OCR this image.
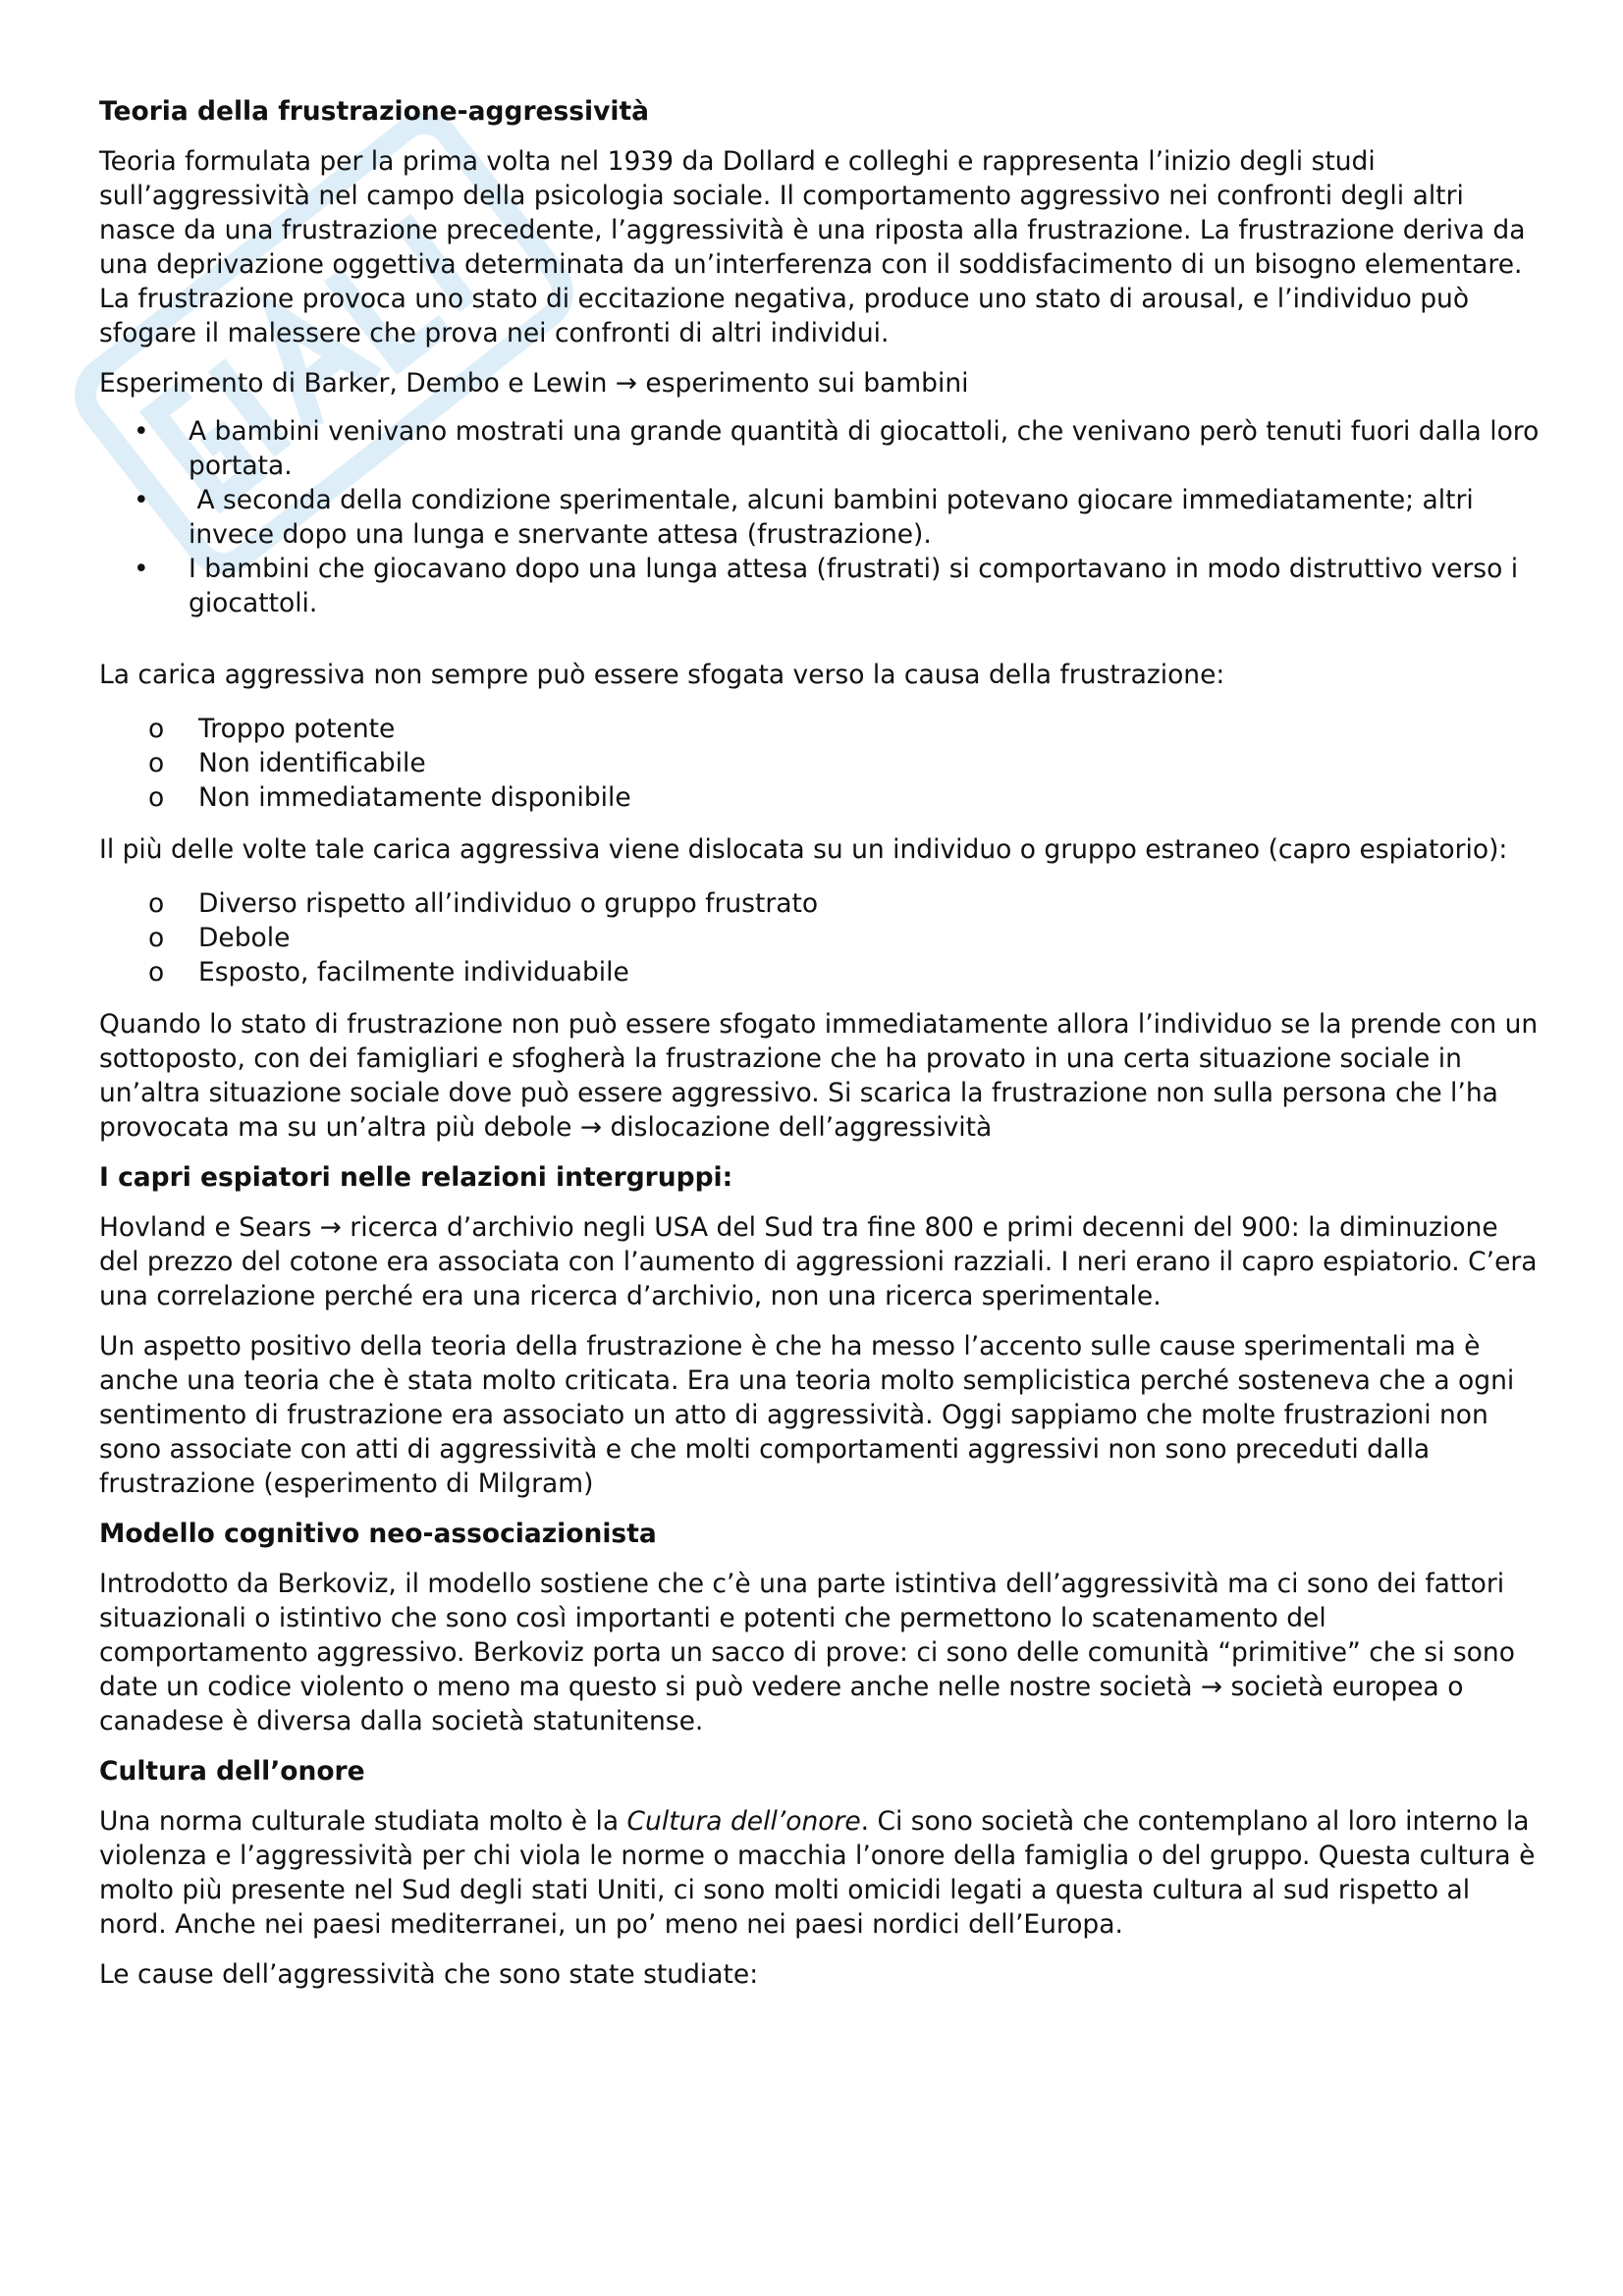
Teoria della frustrazione-aggressività

Teoria formulata per la prima volta nel 1939 da Dollard e colleghi e rappresenta l’inizio degli studi sull’aggressività nel campo della psicologia sociale. Il comportamento aggressivo nei confronti degli altri nasce da una frustrazione precedente, l’aggressività è una riposta alla frustrazione. La frustrazione deriva da una deprivazione oggettiva determinata da un’interferenza con il soddisfacimento di un bisogno elementare. La frustrazione provoca uno stato di eccitazione negativa, produce uno stato di arousal, e l’individuo può sfogare il malessere che prova nei confronti di altri individui.

Esperimento di Barker, Dembo e Lewin → esperimento sui bambini

• A bambini venivano mostrati una grande quantità di giocattoli, che venivano però tenuti fuori dalla loro portata.
• A seconda della condizione sperimentale, alcuni bambini potevano giocare immediatamente; altri invece dopo una lunga e snervante attesa (frustrazione).
• I bambini che giocavano dopo una lunga attesa (frustrati) si comportavano in modo distruttivo verso i giocattoli.

La carica aggressiva non sempre può essere sfogata verso la causa della frustrazione:

o Troppo potente
o Non identificabile
o Non immediatamente disponibile

Il più delle volte tale carica aggressiva viene dislocata su un individuo o gruppo estraneo (capro espiatorio):

o Diverso rispetto all’individuo o gruppo frustrato
o Debole
o Esposto, facilmente individuabile

Quando lo stato di frustrazione non può essere sfogato immediatamente allora l’individuo se la prende con un sottoposto, con dei famigliari e sfogherà la frustrazione che ha provato in una certa situazione sociale in un’altra situazione sociale dove può essere aggressivo. Si scarica la frustrazione non sulla persona che l’ha provocata ma su un’altra più debole → dislocazione dell’aggressività

I capri espiatori nelle relazioni intergruppi:

Hovland e Sears → ricerca d’archivio negli USA del Sud tra fine 800 e primi decenni del 900: la diminuzione del prezzo del cotone era associata con l’aumento di aggressioni razziali. I neri erano il capro espiatorio. C’era una correlazione perché era una ricerca d’archivio, non una ricerca sperimentale.

Un aspetto positivo della teoria della frustrazione è che ha messo l’accento sulle cause sperimentali ma è anche una teoria che è stata molto criticata. Era una teoria molto semplicistica perché sosteneva che a ogni sentimento di frustrazione era associato un atto di aggressività. Oggi sappiamo che molte frustrazioni non sono associate con atti di aggressività e che molti comportamenti aggressivi non sono preceduti dalla frustrazione (esperimento di Milgram)

Modello cognitivo neo-associazionista

Introdotto da Berkoviz, il modello sostiene che c’è una parte istintiva dell’aggressività ma ci sono dei fattori situazionali o istintivo che sono così importanti e potenti che permettono lo scatenamento del comportamento aggressivo. Berkoviz porta un sacco di prove: ci sono delle comunità “primitive” che si sono date un codice violento o meno ma questo si può vedere anche nelle nostre società → società europea o canadese è diversa dalla società statunitense.

Cultura dell’onore

Una norma culturale studiata molto è la Cultura dell’onore. Ci sono società che contemplano al loro interno la violenza e l’aggressività per chi viola le norme o macchia l’onore della famiglia o del gruppo. Questa cultura è molto più presente nel Sud degli stati Uniti, ci sono molti omicidi legati a questa cultura al sud rispetto al nord. Anche nei paesi mediterranei, un po’ meno nei paesi nordici dell’Europa.

Le cause dell’aggressività che sono state studiate:
